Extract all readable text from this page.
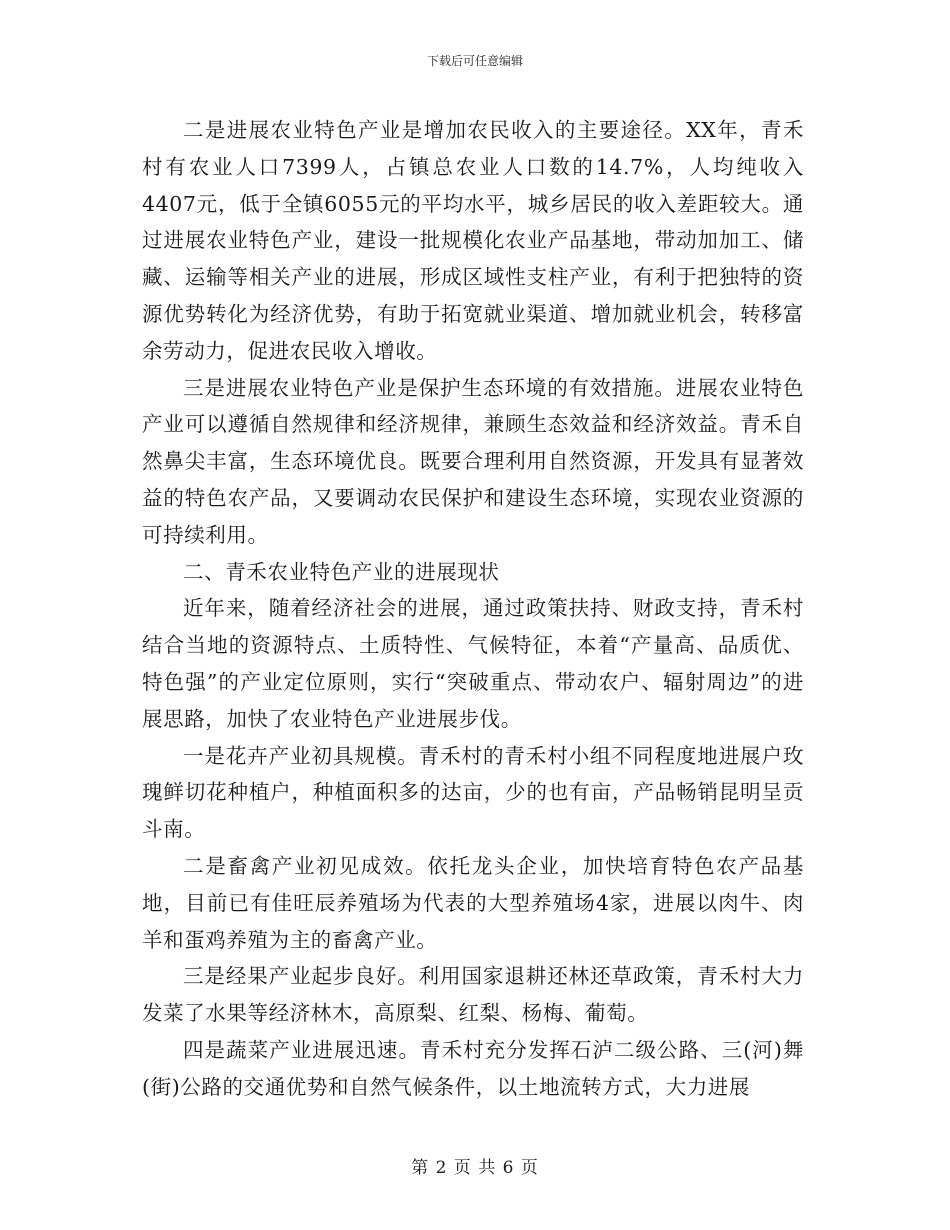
下载后可任意编辑

二是进展农业特色产业是增加农民收入的主要途径。XX年，青禾村有农业人口7399人，占镇总农业人口数的14.7%，人均纯收入4407元，低于全镇6055元的平均水平，城乡居民的收入差距较大。通过进展农业特色产业，建设一批规模化农业产品基地，带动加加工、储藏、运输等相关产业的进展，形成区域性支柱产业，有利于把独特的资源优势转化为经济优势，有助于拓宽就业渠道、增加就业机会，转移富余劳动力，促进农民收入增收。

三是进展农业特色产业是保护生态环境的有效措施。进展农业特色产业可以遵循自然规律和经济规律，兼顾生态效益和经济效益。青禾自然鼻尖丰富，生态环境优良。既要合理利用自然资源，开发具有显著效益的特色农产品，又要调动农民保护和建设生态环境，实现农业资源的可持续利用。

二、青禾农业特色产业的进展现状

近年来，随着经济社会的进展，通过政策扶持、财政支持，青禾村结合当地的资源特点、土质特性、气候特征，本着“产量高、品质优、特色强”的产业定位原则，实行“突破重点、带动农户、辐射周边”的进展思路，加快了农业特色产业进展步伐。

一是花卉产业初具规模。青禾村的青禾村小组不同程度地进展户玫瑰鲜切花种植户，种植面积多的达亩，少的也有亩，产品畅销昆明呈贡斗南。

二是畜禽产业初见成效。依托龙头企业，加快培育特色农产品基地，目前已有佳旺辰养殖场为代表的大型养殖场4家，进展以肉牛、肉羊和蛋鸡养殖为主的畜禽产业。

三是经果产业起步良好。利用国家退耕还林还草政策，青禾村大力发菜了水果等经济林木，高原梨、红梨、杨梅、葡萄。

四是蔬菜产业进展迅速。青禾村充分发挥石泸二级公路、三(河)舞(街)公路的交通优势和自然气候条件，以土地流转方式，大力进展

第 2 页 共 6 页
